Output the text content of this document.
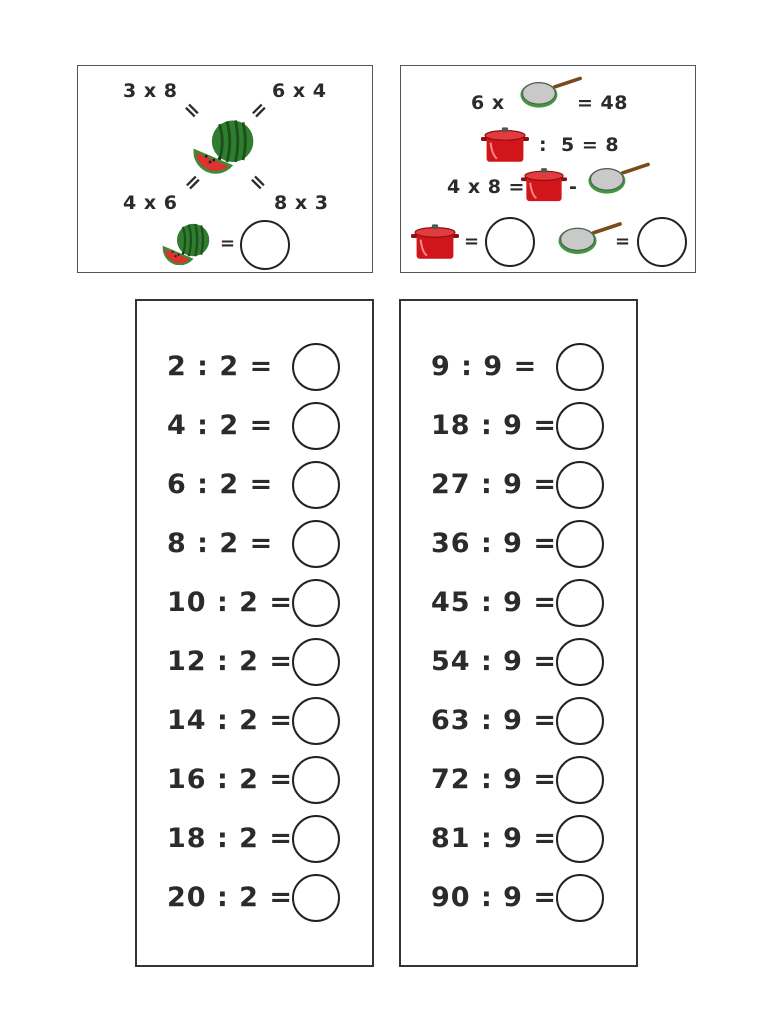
3 x 8	6 x 4
4 x 6	8 x 3
= =
= =
=
6 x	= 48
: 5 = 8
4 x 8 = -
=	=
2 : 2 =
4 : 2 =
6 : 2 =
8 : 2 =
10 : 2 =
12 : 2 =
14 : 2 =
16 : 2 =
18 : 2 =
20 : 2 =
9 : 9 =
18 : 9 =
27 : 9 =
36 : 9 =
45 : 9 =
54 : 9 =
63 : 9 =
72 : 9 =
81 : 9 =
90 : 9 =
